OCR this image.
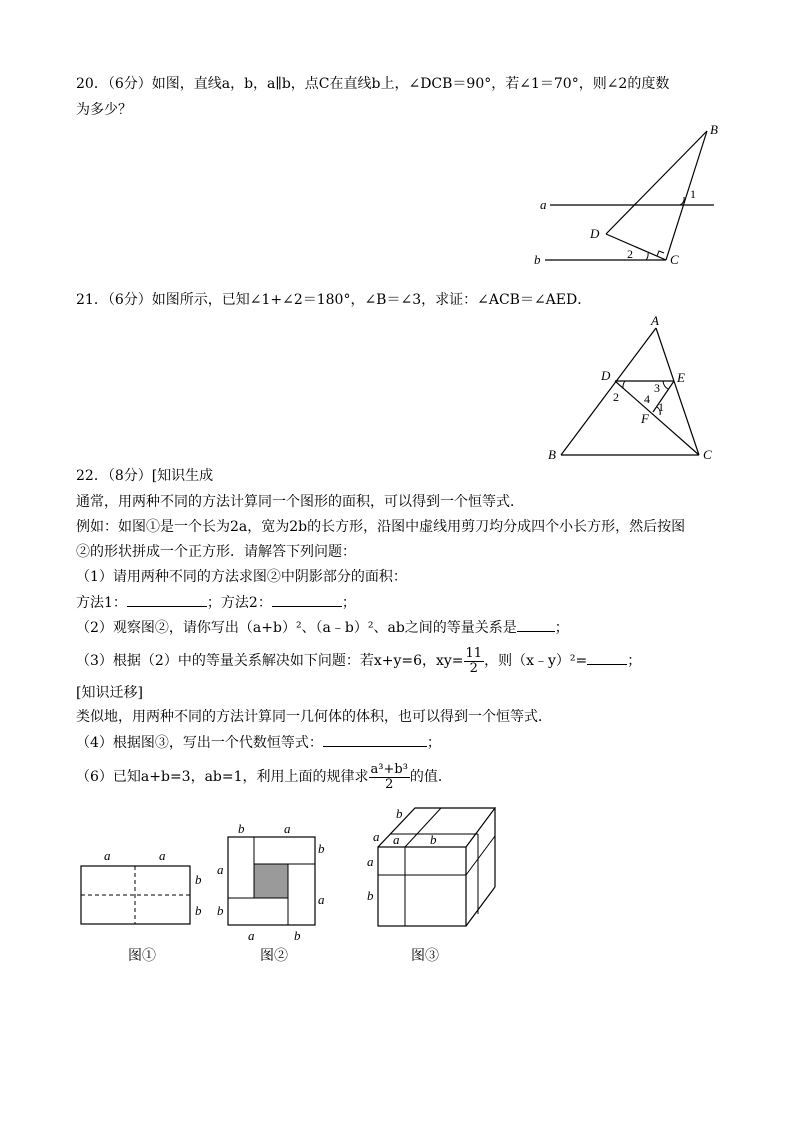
20．（6分）如图，直线a，b，a∥b，点C在直线b上，∠DCB＝90°，若∠1＝70°，则∠2的度数
为多少？
B
a
b
D
C
1
2
21．（6分）如图所示，已知∠1+∠2＝180°，∠B＝∠3，求证：∠ACB＝∠AED．
A
D	E
F
B	C
1
2
3
4
22．（8分）[知识生成
通常，用两种不同的方法计算同一个图形的面积，可以得到一个恒等式．
例如：如图①是一个长为2a，宽为2b的长方形，沿图中虚线用剪刀均分成四个小长方形，然后按图
②的形状拼成一个正方形．请解答下列问题：
（1）请用两种不同的方法求图②中阴影部分的面积：
方法1：	；方法2：	；
（2）观察图②，请你写出（a+b）²、（a﹣b）²、ab之间的等量关系是	；
（3）根据（2）中的等量关系解决如下问题：若x+y=6，$xy= \frac{11}{2}$ ，则（x﹣y）²=	；
[知识迁移]
类似地，用两种不同的方法计算同一几何体的体积，也可以得到一个恒等式．
（4）根据图③，写出一个代数恒等式：	；
（6）已知a+b=3，ab=1，利用上面的规律求 $\frac{\text{a³+b³}}{2}$ 的值．
a	a
b
b
图①
b	a
b
a
a
b
a	b
图②
b
a a b
a
b
图③
